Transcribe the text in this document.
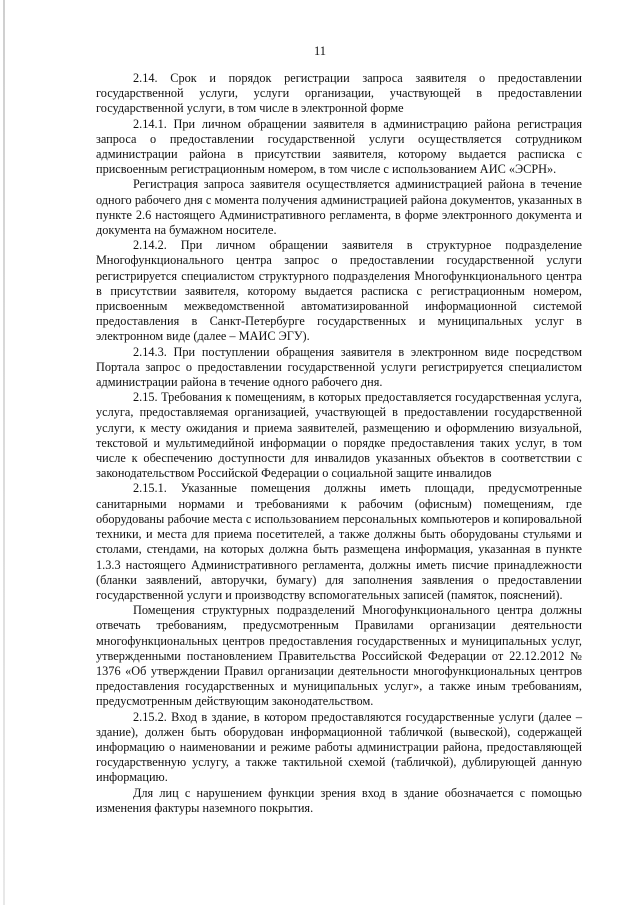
11

2.14. Срок и порядок регистрации запроса заявителя о предоставлении государственной услуги, услуги организации, участвующей в предоставлении государственной услуги, в том числе в электронной форме

2.14.1. При личном обращении заявителя в администрацию района регистрация запроса о предоставлении государственной услуги осуществляется сотрудником администрации района в присутствии заявителя, которому выдается расписка с присвоенным регистрационным номером, в том числе с использованием АИС «ЭСРН».

Регистрация запроса заявителя осуществляется администрацией района в течение одного рабочего дня с момента получения администрацией района документов, указанных в пункте 2.6 настоящего Административного регламента, в форме электронного документа и документа на бумажном носителе.

2.14.2. При личном обращении заявителя в структурное подразделение Многофункционального центра запрос о предоставлении государственной услуги регистрируется специалистом структурного подразделения Многофункционального центра в присутствии заявителя, которому выдается расписка с регистрационным номером, присвоенным межведомственной автоматизированной информационной системой предоставления в Санкт-Петербурге государственных и муниципальных услуг в электронном виде (далее – МАИС ЭГУ).

2.14.3. При поступлении обращения заявителя в электронном виде посредством Портала запрос о предоставлении государственной услуги регистрируется специалистом администрации района в течение одного рабочего дня.

2.15. Требования к помещениям, в которых предоставляется государственная услуга, услуга, предоставляемая организацией, участвующей в предоставлении государственной услуги, к месту ожидания и приема заявителей, размещению и оформлению визуальной, текстовой и мультимедийной информации о порядке предоставления таких услуг, в том числе к обеспечению доступности для инвалидов указанных объектов в соответствии с законодательством Российской Федерации о социальной защите инвалидов

2.15.1. Указанные помещения должны иметь площади, предусмотренные санитарными нормами и требованиями к рабочим (офисным) помещениям, где оборудованы рабочие места с использованием персональных компьютеров и копировальной техники, и места для приема посетителей, а также должны быть оборудованы стульями и столами, стендами, на которых должна быть размещена информация, указанная в пункте 1.3.3 настоящего Административного регламента, должны иметь писчие принадлежности (бланки заявлений, авторучки, бумагу) для заполнения заявления о предоставлении государственной услуги и производству вспомогательных записей (памяток, пояснений).

Помещения структурных подразделений Многофункционального центра должны отвечать требованиям, предусмотренным Правилами организации деятельности многофункциональных центров предоставления государственных и муниципальных услуг, утвержденными постановлением Правительства Российской Федерации от 22.12.2012 № 1376 «Об утверждении Правил организации деятельности многофункциональных центров предоставления государственных и муниципальных услуг», а также иным требованиям, предусмотренным действующим законодательством.

2.15.2. Вход в здание, в котором предоставляются государственные услуги (далее – здание), должен быть оборудован информационной табличкой (вывеской), содержащей информацию о наименовании и режиме работы администрации района, предоставляющей государственную услугу, а также тактильной схемой (табличкой), дублирующей данную информацию.

Для лиц с нарушением функции зрения вход в здание обозначается с помощью изменения фактуры наземного покрытия.
